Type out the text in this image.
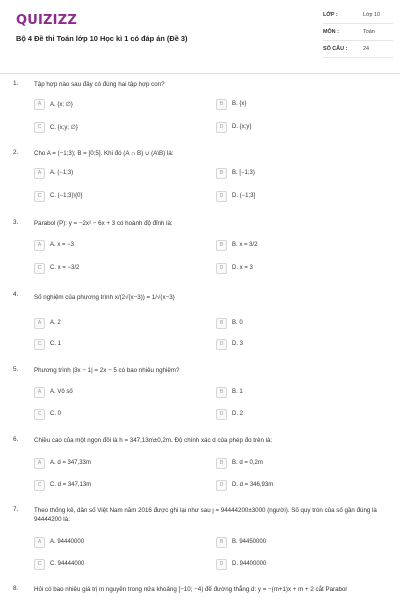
QUIZIZZ
Bộ 4 Đề thi Toán lớp 10 Học kì 1 có đáp án (Đề 3)
LỚP :	Lớp 10
MÔN :	Toán
SỐ CÂU :	24
1.	Tập hợp nào sau đây có đúng hai tập hợp con?
A	A. {x; ∅}	B	B. {x}
C	C. {x;y; ∅}	D	D. {x;y}
2.	Cho A = (−1;3); B = [0;5]. Khi đó (A ∩ B) ∪ (A\B) là:
A	A. (−1;3)	B	B. [−1;3)
C	C. (−1;3)\{0}	D	D. (−1;3]
3.	Parabol (P): y = −2x² − 6x + 3 có hoành độ đỉnh là:
A	A. x = −3	B	B. x = 3/2
C	C. x = −3/2	D	D. x = 3
4.	Số nghiệm của phương trình x/(2√(x−3)) = 1/√(x−3)
A	A. 2	B	B. 0
C	C. 1	D	D. 3
5.	Phương trình |3x − 1| = 2x − 5 có bao nhiêu nghiệm?
A	A. Vô số	B	B. 1
C	C. 0	D	D. 2
6.	Chiều cao của một ngọn đồi là h = 347,13m±0,2m. Độ chính xác d của phép đo trên là:
A	A. d = 347,33m	B	B. d = 0,2m
C	C. d = 347,13m	D	D. d = 346,93m
7.	Theo thống kê, dân số Việt Nam năm 2016 được ghi lại như sau ȷ = 94444200±3000 (người). Số quy tròn của số gần đúng là 94444200 là:
A	A. 94440000	B	B. 94450000
C	C. 94444000	D	D. 94400000
8.	Hỏi có bao nhiêu giá trị m nguyên trong nửa khoảng [−10; −4) để đường thẳng d: y = −(m+1)x + m + 2 cắt Parabol
